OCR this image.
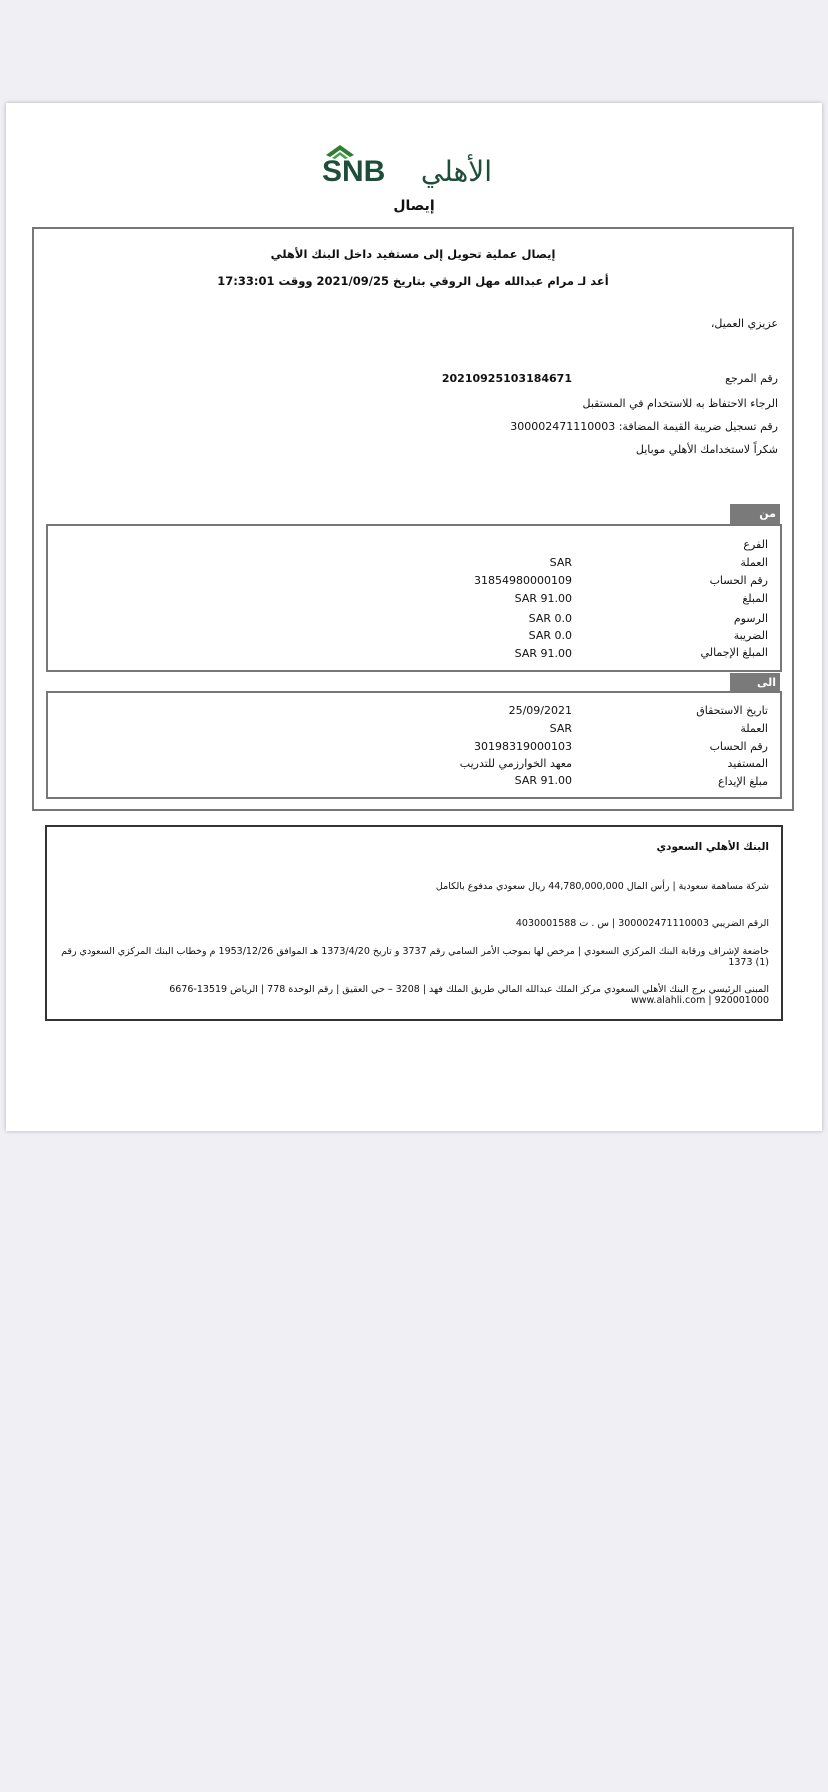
SNB الأهلي
إيصال
إيصال عملية تحويل إلى مستفيد داخل البنك الأهلي
أعد لـ مرام عبدالله مهل الروقي بتاريخ 2021/09/25 ووقت 17:33:01
عزيزي العميل،
رقم المرجع
20210925103184671
الرجاء الاحتفاظ به للاستخدام في المستقبل
رقم تسجيل ضريبة القيمة المضافة: 300002471110003
شكراً لاستخدامك الأهلي موبايل
من
الفرع
العملة
SAR
رقم الحساب
31854980000109
المبلغ
91.00 SAR
الرسوم
0.0 SAR
الضريبة
0.0 SAR
المبلغ الإجمالي
91.00 SAR
الى
تاريخ الاستحقاق
25/09/2021
العملة
SAR
رقم الحساب
30198319000103
المستفيد
معهد الخوارزمي للتدريب
مبلغ الإيداع
91.00 SAR
البنك الأهلي السعودي
شركة مساهمة سعودية | رأس المال 44,780,000,000 ريال سعودي مدفوع بالكامل
الرقم الضريبي 300002471110003 | س . ت 4030001588
خاضعة لإشراف ورقابة البنك المركزي السعودي | مرخص لها بموجب الأمر السامي رقم 3737 و تاريخ 1373/4/20 هـ الموافق 1953/12/26 م وخطاب البنك المركزي السعودي رقم (1) 1373
المبنى الرئيسي برج البنك الأهلي السعودي مركز الملك عبدالله المالي طريق الملك فهد | 3208 – حي العقيق | رقم الوحدة 778 | الرياض 13519-6676
www.alahli.com | 920001000
